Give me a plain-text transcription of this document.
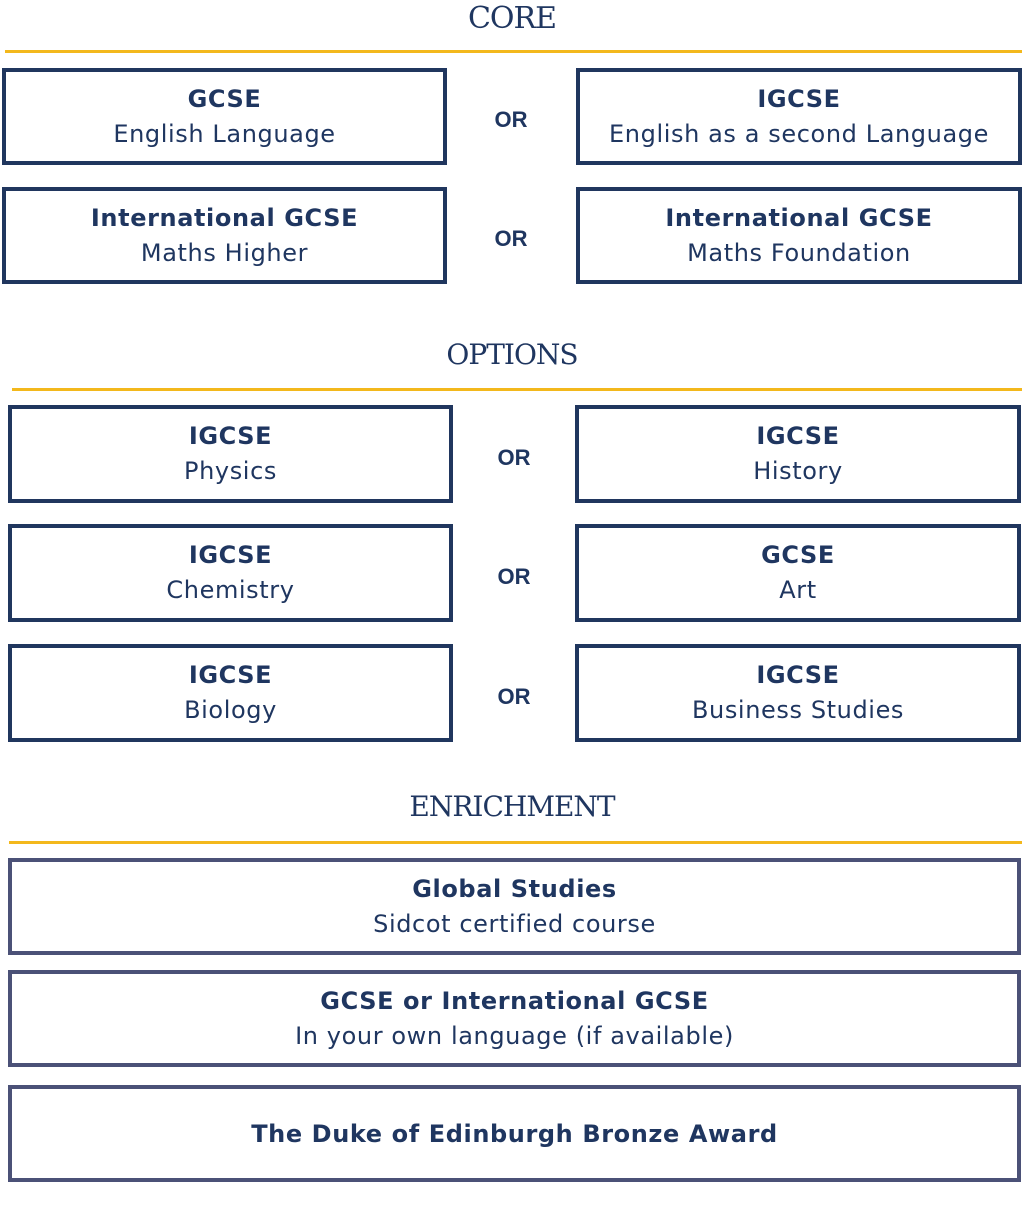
CORE
GCSE
English Language	OR
IGCSE
English as a second Language
International GCSE
Maths Higher	OR
International GCSE
Maths Foundation
OPTIONS
IGCSE
Physics	OR
IGCSE
History
IGCSE
Chemistry	OR
GCSE
Art
IGCSE
Biology	OR
IGCSE
Business Studies
ENRICHMENT
Global Studies
Sidcot certified course
GCSE or International GCSE
In your own language (if available)
The Duke of Edinburgh Bronze Award
